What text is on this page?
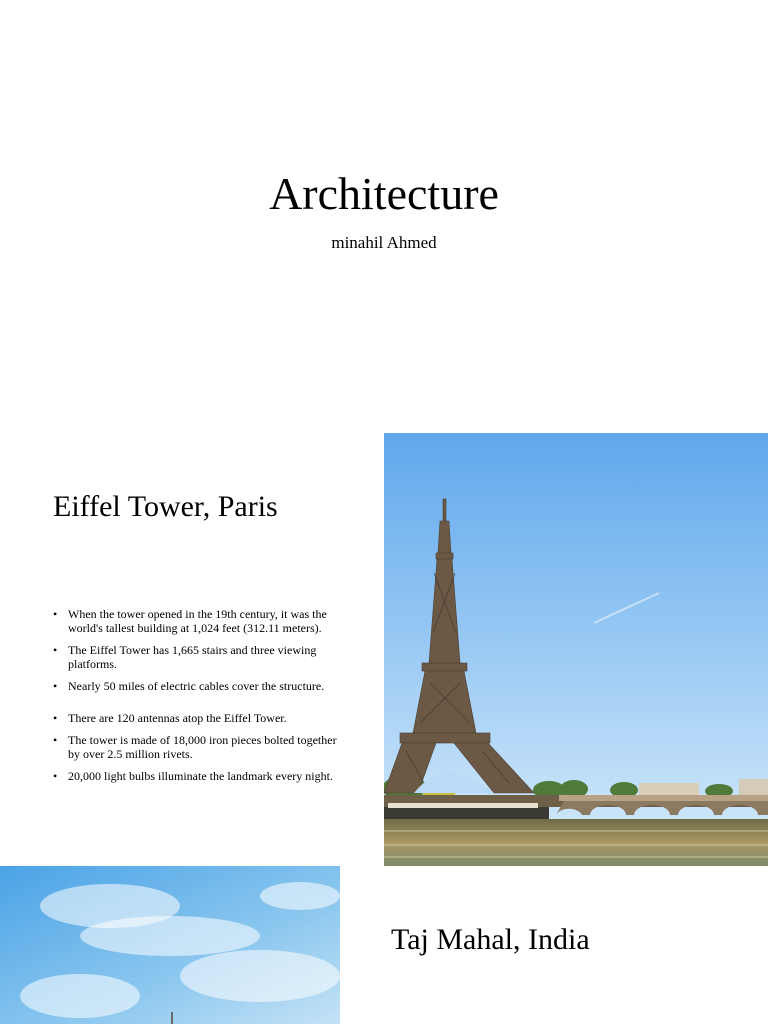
Architecture
minahil Ahmed
Eiffel Tower, Paris
• When the tower opened in the 19th century, it was the world's tallest building at 1,024 feet (312.11 meters).
• The Eiffel Tower has 1,665 stairs and three viewing platforms.
• Nearly 50 miles of electric cables cover the structure.
• There are 120 antennas atop the Eiffel Tower.
• The tower is made of 18,000 iron pieces bolted together by over 2.5 million rivets.
• 20,000 light bulbs illuminate the landmark every night.
Taj Mahal, India
